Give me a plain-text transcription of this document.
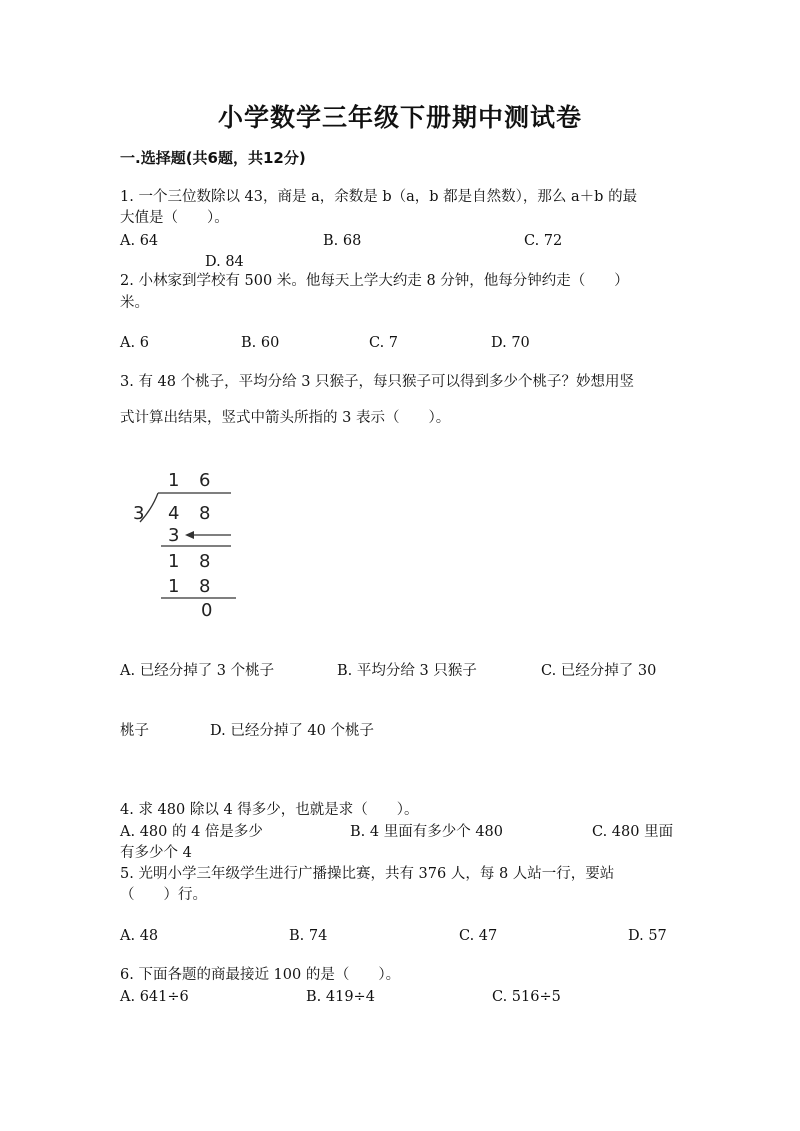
小学数学三年级下册期中测试卷
一.选择题(共6题，共12分)
1. 一个三位数除以 43，商是 a，余数是 b（a，b 都是自然数），那么 a＋b 的最
大值是（　　）。
A. 64	B. 68	C. 72
D. 84
2. 小林家到学校有 500 米。他每天上学大约走 8 分钟，他每分钟约走（　　）
米。
A. 6	B. 60	C. 7	D. 70
3. 有 48 个桃子，平均分给 3 只猴子，每只猴子可以得到多少个桃子？妙想用竖
式计算出结果，竖式中箭头所指的 3 表示（　　）。
1 6
3 4 8
3
1 8
1 8
0
A. 已经分掉了 3 个桃子	B. 平均分给 3 只猴子	C. 已经分掉了 30
桃子	D. 已经分掉了 40 个桃子
4. 求 480 除以 4 得多少，也就是求（　　）。
A. 480 的 4 倍是多少	B. 4 里面有多少个 480	C. 480 里面
有多少个 4
5. 光明小学三年级学生进行广播操比赛，共有 376 人，每 8 人站一行，要站
（　　）行。
A. 48	B. 74	C. 47	D. 57
6. 下面各题的商最接近 100 的是（　　）。
A. 641÷6	B. 419÷4	C. 516÷5
